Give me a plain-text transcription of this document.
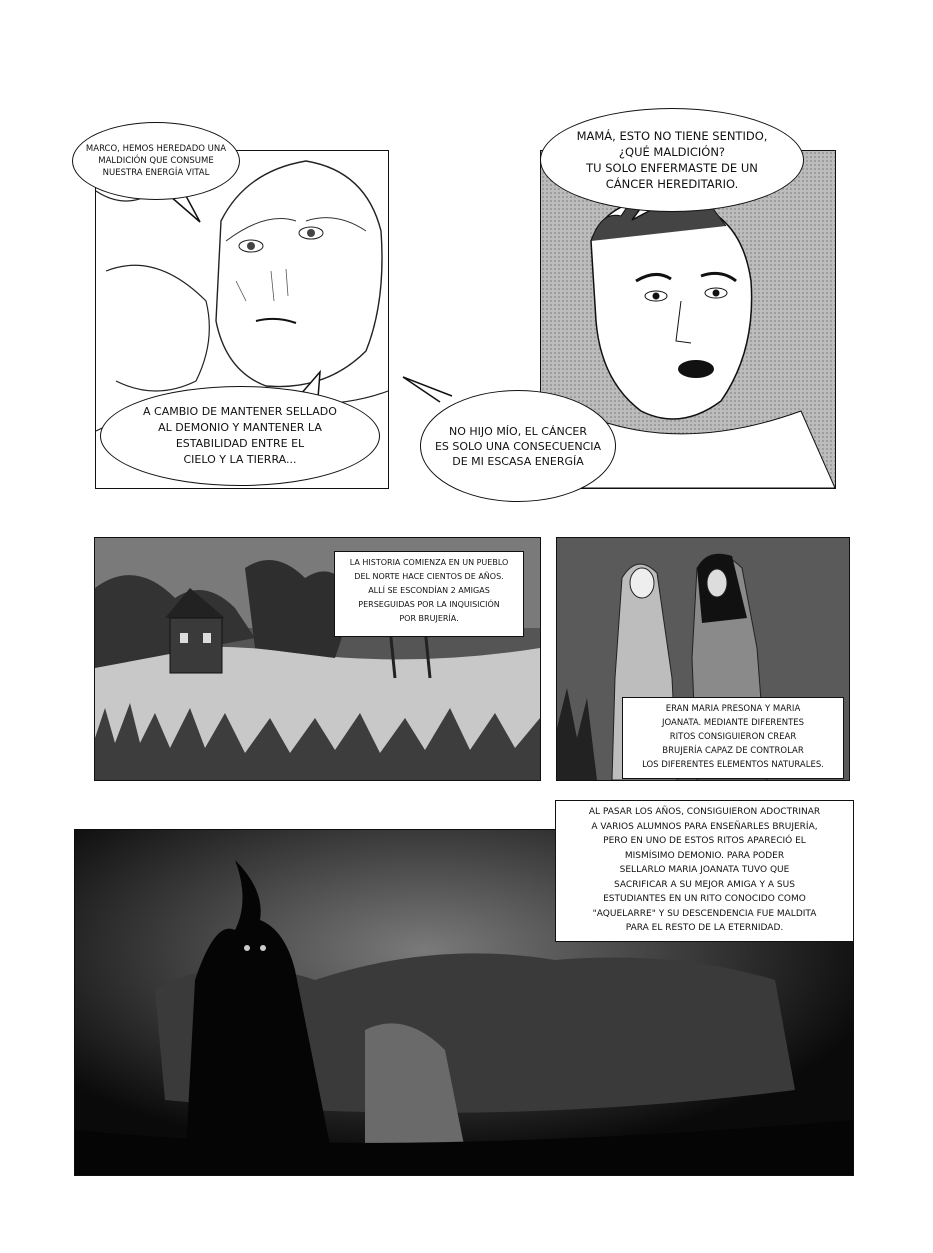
MARCO, HEMOS HEREDADO UNA
MALDICIÓN QUE CONSUME
NUESTRA ENERGÍA VITAL
A CAMBIO DE MANTENER SELLADO
AL DEMONIO Y MANTENER LA
ESTABILIDAD ENTRE EL
CIELO Y LA TIERRA...
MAMÁ, ESTO NO TIENE SENTIDO,
¿QUÉ MALDICIÓN?
TU SOLO ENFERMASTE DE UN
CÁNCER HEREDITARIO.
NO HIJO MÍO, EL CÁNCER
ES SOLO UNA CONSECUENCIA
DE MI ESCASA ENERGÍA
LA HISTORIA COMIENZA EN UN PUEBLO
DEL NORTE HACE CIENTOS DE AÑOS.
ALLÍ SE ESCONDÍAN 2 AMIGAS
PERSEGUIDAS POR LA INQUISICIÓN
POR BRUJERÍA.
ERAN MARIA PRESONA Y MARIA
JOANATA. MEDIANTE DIFERENTES
RITOS CONSIGUIERON CREAR
BRUJERÍA CAPAZ DE CONTROLAR
LOS DIFERENTES ELEMENTOS NATURALES.
AL PASAR LOS AÑOS, CONSIGUIERON ADOCTRINAR
A VARIOS ALUMNOS PARA ENSEÑARLES BRUJERÍA,
PERO EN UNO DE ESTOS RITOS APARECIÓ EL
MISMÍSIMO DEMONIO. PARA PODER
SELLARLO MARIA JOANATA TUVO QUE
SACRIFICAR A SU MEJOR AMIGA Y A SUS
ESTUDIANTES EN UN RITO CONOCIDO COMO
"AQUELARRE" Y SU DESCENDENCIA FUE MALDITA
PARA EL RESTO DE LA ETERNIDAD.
